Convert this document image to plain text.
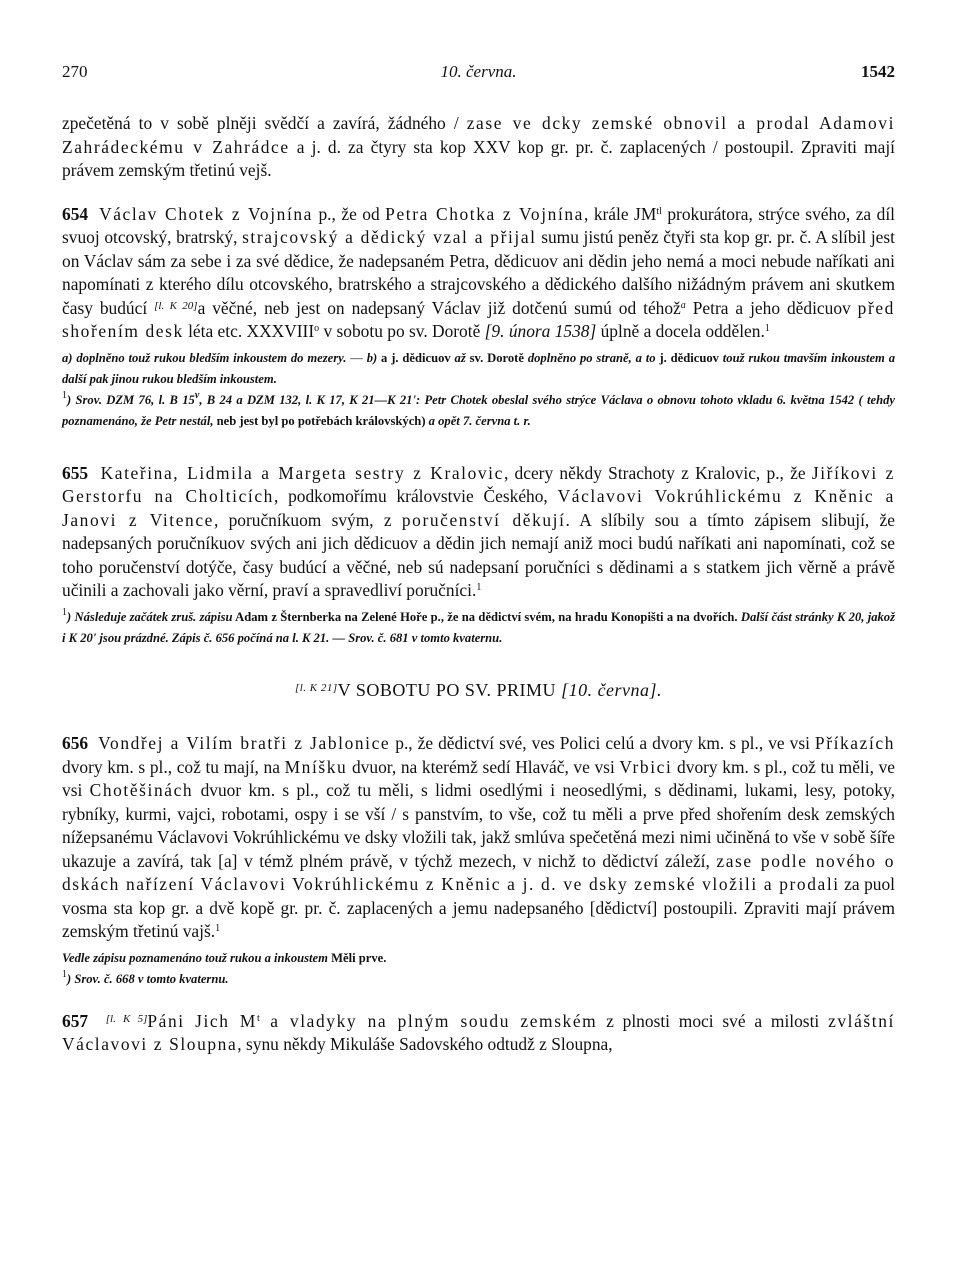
270	10. června.	1542

zpečetěná to v sobě plněji svědčí a zavírá, žádného / zase ve dcky zemské obnovil a prodal Adamovi Zahrádeckému v Zahrádce a j. d. za čtyry sta kop XXV kop gr. pr. č. zaplacených / postoupil. Zpraviti mají právem zemským třetinú vejš.

654 Václav Chotek z Vojnína p., že od Petra Chotka z Vojnína, krále $JM^{tl}$ prokurátora, strýce svého, za díl svuoj otcovský, bratrský, strajcovský a dědický vzal a přijal sumu jistú peněz čtyři sta kop gr. pr. č. A slíbil jest on Václav sám za sebe i za své dědice, že nadepsaném Petra, dědicuov ani dědin jeho nemá a moci nebude naříkati ani napomínati z kterého dílu otcovského, bratrského a strajcovského a dědického dalšího nižádným právem ani skutkem časy budúcí [l. K 20]a věčné, neb jest on nadepsaný Václav již dotčenú sumú od téhož$^a$ Petra a jeho dědicuov před shořením desk léta etc. XXXVIII$^o$ v sobotu po sv. Dorotě [9. února 1538] úplně a docela oddělen.$^1$

a) doplněno touž rukou bledším inkoustem do mezery. — b) a j. dědicuov až sv. Dorotě doplněno po straně, a to j. dědicuov touž rukou tmavším inkoustem a další pak jinou rukou bledším inkoustem.

$^1$) Srov. DZM 76, l. B 15$^v$, B 24 a DZM 132, l. K 17, K 21—K 21': Petr Chotek obeslal svého strýce Václava o obnovu tohoto vkladu 6. května 1542 ( tehdy poznamenáno, že Petr nestál, neb jest byl po potřebách královských) a opět 7. června t. r.

655 Kateřina, Lidmila a Margeta sestry z Kralovic, dcery někdy Strachoty z Kralovic, p., že Jiříkovi z Gerstorfu na Cholticích, podkomořímu královstvie Českého, Václavovi Vokrúhlickému z Kněnic a Janovi z Vitence, poručníkuom svým, z poručenství děkují. A slíbily sou a tímto zápisem slibují, že nadepsaných poručníkuov svých ani jich dědicuov a dědin jich nemají aniž moci budú naříkati ani napomínati, což se toho poručenství dotýče, časy budúcí a věčné, neb sú nadepsaní poručníci s dědinami a s statkem jich věrně a právě učinili a zachovali jako věrní, praví a spravedliví poručníci.$^1$

$^1$) Následuje začátek zruš. zápisu Adam z Šternberka na Zelené Hoře p., že na dědictví svém, na hradu Konopišti a na dvořích. Další část stránky K 20, jakož i K 20' jsou prázdné. Zápis č. 656 počíná na l. K 21. — Srov. č. 681 v tomto kvaternu.

[l. K 21]V SOBOTU PO SV. PRIMU [10. června].

656 Vondřej a Vilím bratři z Jablonice p., že dědictví své, ves Polici celú a dvory km. s pl., ve vsi Příkazích dvory km. s pl., což tu mají, na Mníšku dvuor, na kterémž sedí Hlaváč, ve vsi Vrbici dvory km. s pl., což tu měli, ve vsi Chotěšinách dvuor km. s pl., což tu měli, s lidmi osedlými i neosedlými, s dědinami, lukami, lesy, potoky, rybníky, kurmi, vajci, robotami, ospy i se vší / s panstvím, to vše, což tu měli a prve před shořením desk zemských nížepsanému Václavovi Vokrúhlickému ve dsky vložili tak, jakž smlúva spečetěná mezi nimi učiněná to vše v sobě šíře ukazuje a zavírá, tak [a] v témž plném právě, v týchž mezech, v nichž to dědictví záleží, zase podle nového o dskách nařízení Václavovi Vokrúhlickému z Kněnic a j. d. ve dsky zemské vložili a prodali za puol vosma sta kop gr. a dvě kopě gr. pr. č. zaplacených a jemu nadepsaného [dědictví] postoupili. Zpraviti mají právem zemským třetinú vajš.$^1$

Vedle zápisu poznamenáno touž rukou a inkoustem Měli prve.

$^1$) Srov. č. 668 v tomto kvaternu.

657 [l. K 5]Páni Jich $M^t$ a vladyky na plným soudu zemském z plnosti moci své a milosti zvláštní Václavovi z Sloupna, synu někdy Mikuláše Sadovského odtudž z Sloupna,
